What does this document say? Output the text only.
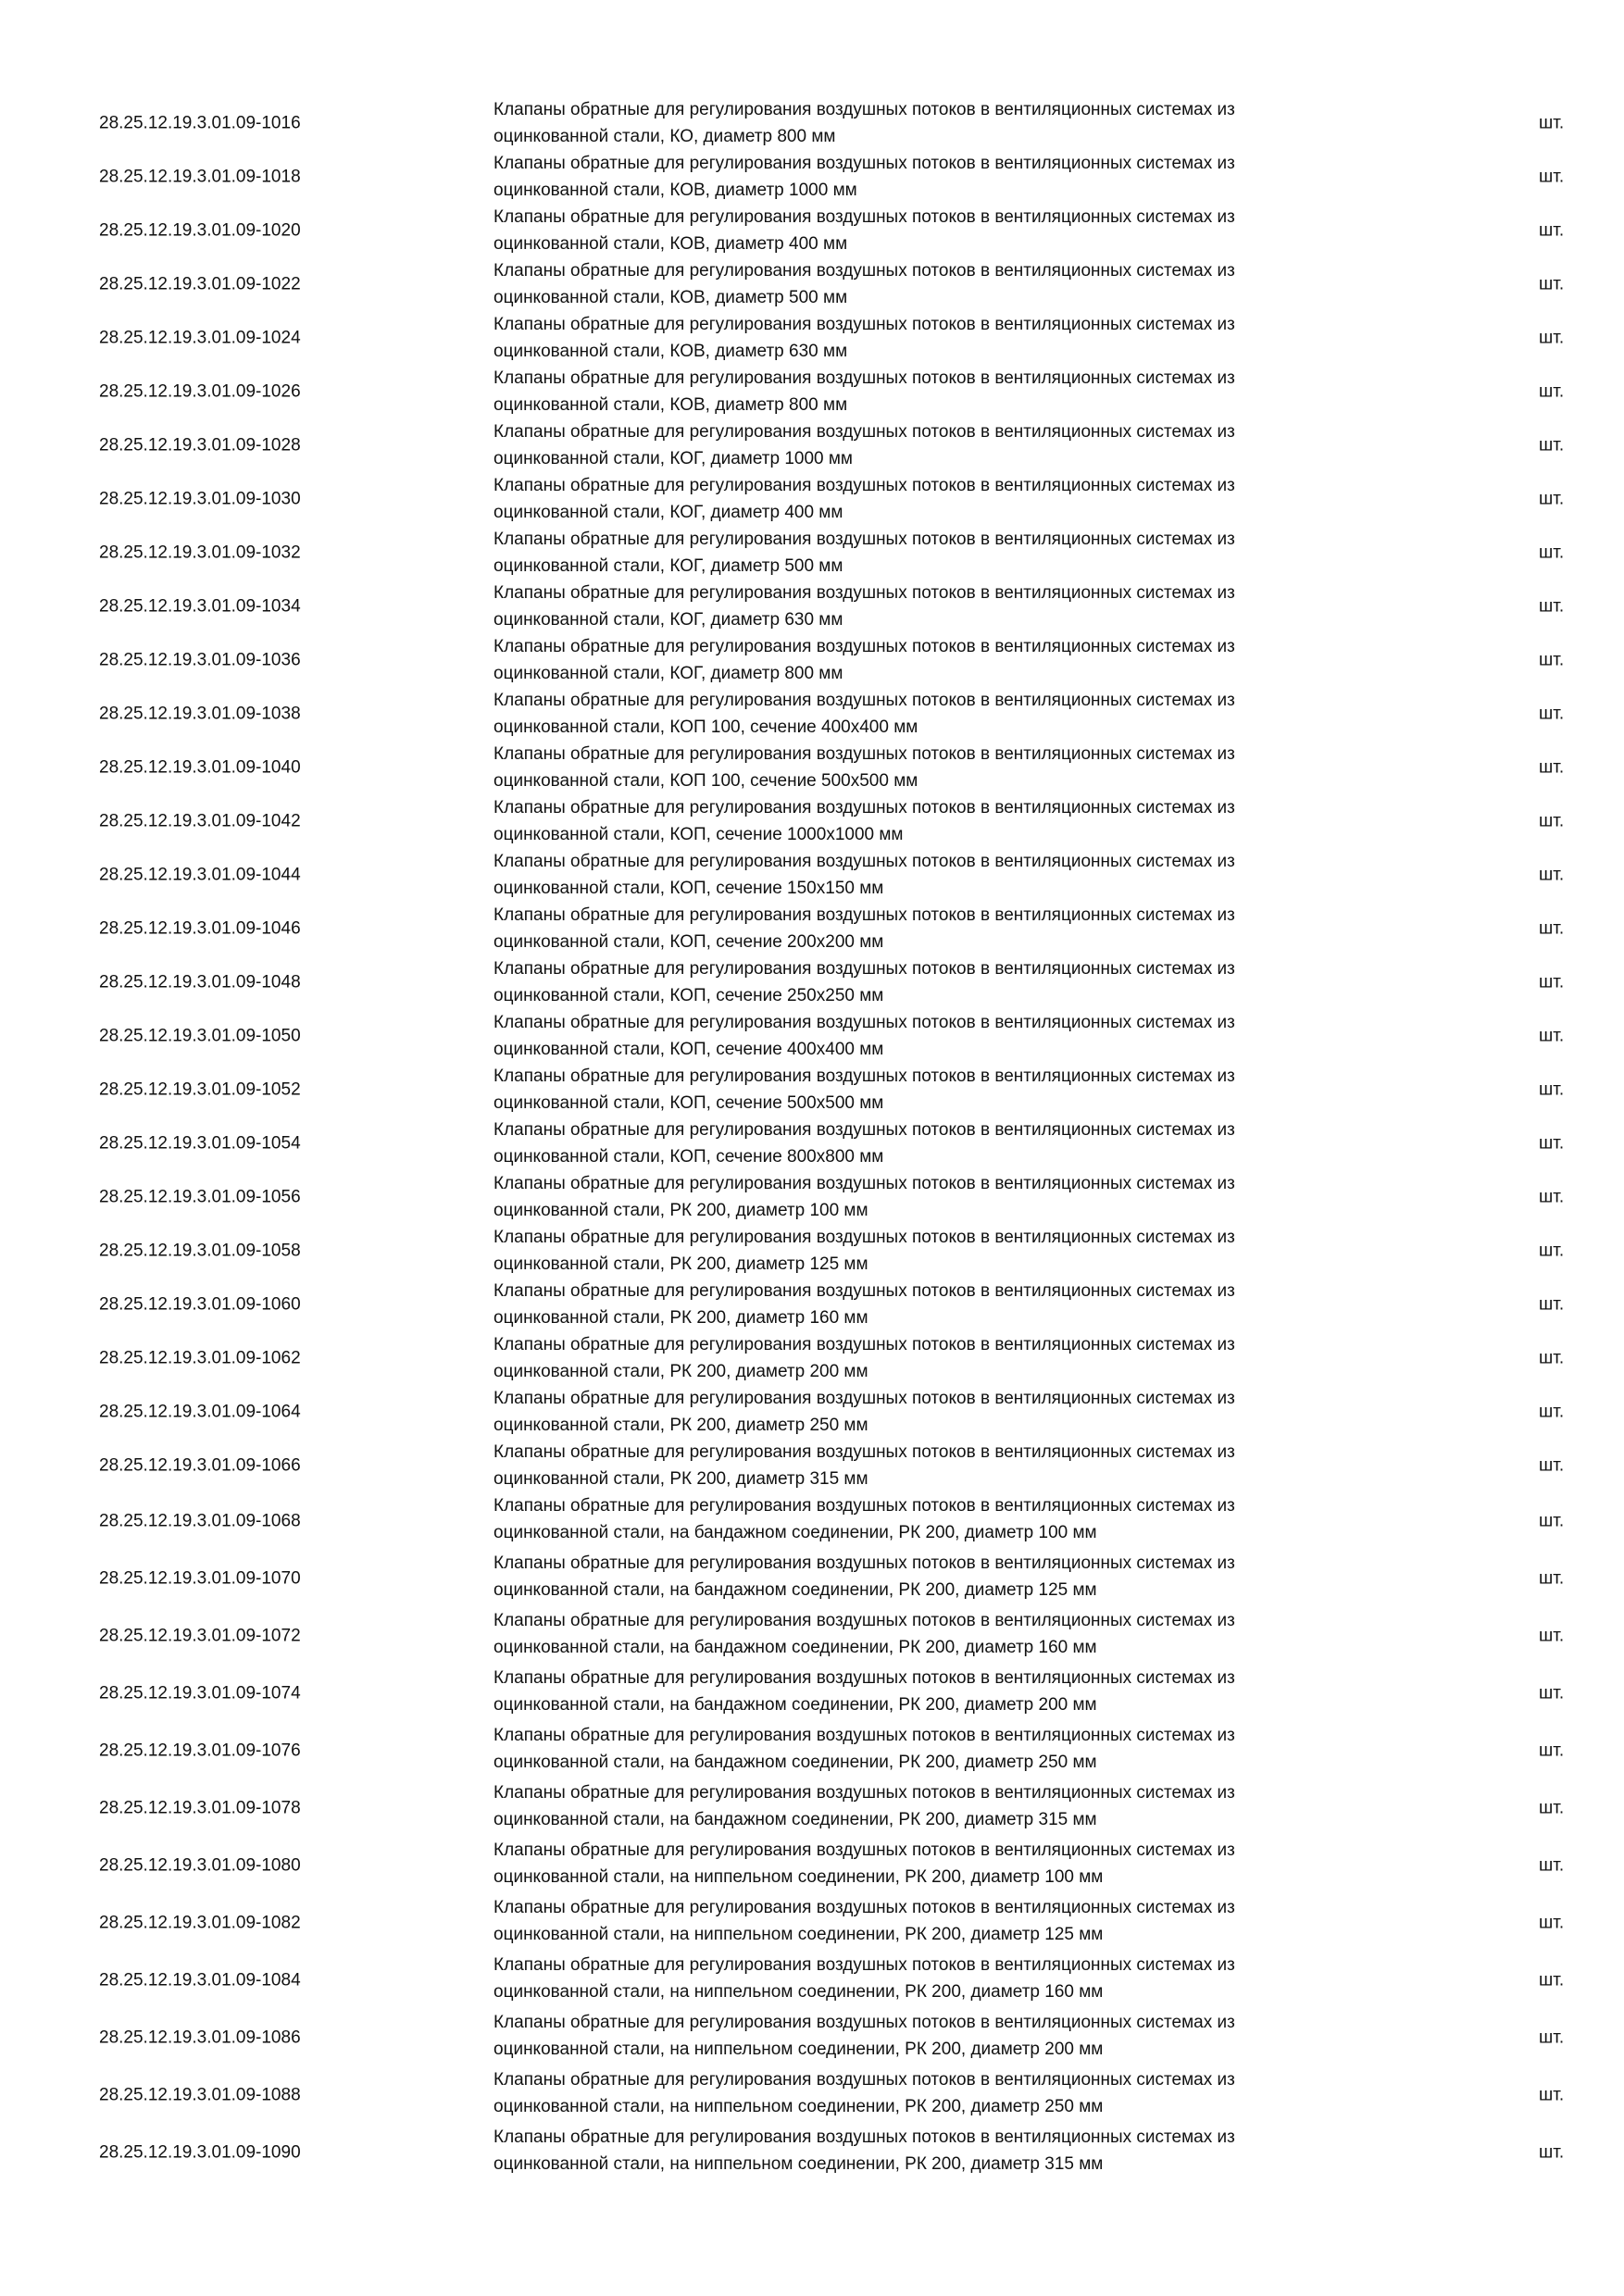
28.25.12.19.3.01.09-1016
Клапаны обратные для регулирования воздушных потоков в вентиляционных системах из
оцинкованной стали, КО, диаметр 800 мм
шт.
28.25.12.19.3.01.09-1018
Клапаны обратные для регулирования воздушных потоков в вентиляционных системах из
оцинкованной стали, КОВ, диаметр 1000 мм
шт.
28.25.12.19.3.01.09-1020
Клапаны обратные для регулирования воздушных потоков в вентиляционных системах из
оцинкованной стали, КОВ, диаметр 400 мм
шт.
28.25.12.19.3.01.09-1022
Клапаны обратные для регулирования воздушных потоков в вентиляционных системах из
оцинкованной стали, КОВ, диаметр 500 мм
шт.
28.25.12.19.3.01.09-1024
Клапаны обратные для регулирования воздушных потоков в вентиляционных системах из
оцинкованной стали, КОВ, диаметр 630 мм
шт.
28.25.12.19.3.01.09-1026
Клапаны обратные для регулирования воздушных потоков в вентиляционных системах из
оцинкованной стали, КОВ, диаметр 800 мм
шт.
28.25.12.19.3.01.09-1028
Клапаны обратные для регулирования воздушных потоков в вентиляционных системах из
оцинкованной стали, КОГ, диаметр 1000 мм
шт.
28.25.12.19.3.01.09-1030
Клапаны обратные для регулирования воздушных потоков в вентиляционных системах из
оцинкованной стали, КОГ, диаметр 400 мм
шт.
28.25.12.19.3.01.09-1032
Клапаны обратные для регулирования воздушных потоков в вентиляционных системах из
оцинкованной стали, КОГ, диаметр 500 мм
шт.
28.25.12.19.3.01.09-1034
Клапаны обратные для регулирования воздушных потоков в вентиляционных системах из
оцинкованной стали, КОГ, диаметр 630 мм
шт.
28.25.12.19.3.01.09-1036
Клапаны обратные для регулирования воздушных потоков в вентиляционных системах из
оцинкованной стали, КОГ, диаметр 800 мм
шт.
28.25.12.19.3.01.09-1038
Клапаны обратные для регулирования воздушных потоков в вентиляционных системах из
оцинкованной стали, КОП 100, сечение 400х400 мм
шт.
28.25.12.19.3.01.09-1040
Клапаны обратные для регулирования воздушных потоков в вентиляционных системах из
оцинкованной стали, КОП 100, сечение 500х500 мм
шт.
28.25.12.19.3.01.09-1042
Клапаны обратные для регулирования воздушных потоков в вентиляционных системах из
оцинкованной стали, КОП, сечение 1000х1000 мм
шт.
28.25.12.19.3.01.09-1044
Клапаны обратные для регулирования воздушных потоков в вентиляционных системах из
оцинкованной стали, КОП, сечение 150х150 мм
шт.
28.25.12.19.3.01.09-1046
Клапаны обратные для регулирования воздушных потоков в вентиляционных системах из
оцинкованной стали, КОП, сечение 200х200 мм
шт.
28.25.12.19.3.01.09-1048
Клапаны обратные для регулирования воздушных потоков в вентиляционных системах из
оцинкованной стали, КОП, сечение 250х250 мм
шт.
28.25.12.19.3.01.09-1050
Клапаны обратные для регулирования воздушных потоков в вентиляционных системах из
оцинкованной стали, КОП, сечение 400х400 мм
шт.
28.25.12.19.3.01.09-1052
Клапаны обратные для регулирования воздушных потоков в вентиляционных системах из
оцинкованной стали, КОП, сечение 500х500 мм
шт.
28.25.12.19.3.01.09-1054
Клапаны обратные для регулирования воздушных потоков в вентиляционных системах из
оцинкованной стали, КОП, сечение 800х800 мм
шт.
28.25.12.19.3.01.09-1056
Клапаны обратные для регулирования воздушных потоков в вентиляционных системах из
оцинкованной стали, РК 200, диаметр 100 мм
шт.
28.25.12.19.3.01.09-1058
Клапаны обратные для регулирования воздушных потоков в вентиляционных системах из
оцинкованной стали, РК 200, диаметр 125 мм
шт.
28.25.12.19.3.01.09-1060
Клапаны обратные для регулирования воздушных потоков в вентиляционных системах из
оцинкованной стали, РК 200, диаметр 160 мм
шт.
28.25.12.19.3.01.09-1062
Клапаны обратные для регулирования воздушных потоков в вентиляционных системах из
оцинкованной стали, РК 200, диаметр 200 мм
шт.
28.25.12.19.3.01.09-1064
Клапаны обратные для регулирования воздушных потоков в вентиляционных системах из
оцинкованной стали, РК 200, диаметр 250 мм
шт.
28.25.12.19.3.01.09-1066
Клапаны обратные для регулирования воздушных потоков в вентиляционных системах из
оцинкованной стали, РК 200, диаметр 315 мм
шт.
28.25.12.19.3.01.09-1068
Клапаны обратные для регулирования воздушных потоков в вентиляционных системах из
оцинкованной стали, на бандажном соединении, РК 200, диаметр 100 мм
шт.
28.25.12.19.3.01.09-1070
Клапаны обратные для регулирования воздушных потоков в вентиляционных системах из
оцинкованной стали, на бандажном соединении, РК 200, диаметр 125 мм
шт.
28.25.12.19.3.01.09-1072
Клапаны обратные для регулирования воздушных потоков в вентиляционных системах из
оцинкованной стали, на бандажном соединении, РК 200, диаметр 160 мм
шт.
28.25.12.19.3.01.09-1074
Клапаны обратные для регулирования воздушных потоков в вентиляционных системах из
оцинкованной стали, на бандажном соединении, РК 200, диаметр 200 мм
шт.
28.25.12.19.3.01.09-1076
Клапаны обратные для регулирования воздушных потоков в вентиляционных системах из
оцинкованной стали, на бандажном соединении, РК 200, диаметр 250 мм
шт.
28.25.12.19.3.01.09-1078
Клапаны обратные для регулирования воздушных потоков в вентиляционных системах из
оцинкованной стали, на бандажном соединении, РК 200, диаметр 315 мм
шт.
28.25.12.19.3.01.09-1080
Клапаны обратные для регулирования воздушных потоков в вентиляционных системах из
оцинкованной стали, на ниппельном соединении, РК 200, диаметр 100 мм
шт.
28.25.12.19.3.01.09-1082
Клапаны обратные для регулирования воздушных потоков в вентиляционных системах из
оцинкованной стали, на ниппельном соединении, РК 200, диаметр 125 мм
шт.
28.25.12.19.3.01.09-1084
Клапаны обратные для регулирования воздушных потоков в вентиляционных системах из
оцинкованной стали, на ниппельном соединении, РК 200, диаметр 160 мм
шт.
28.25.12.19.3.01.09-1086
Клапаны обратные для регулирования воздушных потоков в вентиляционных системах из
оцинкованной стали, на ниппельном соединении, РК 200, диаметр 200 мм
шт.
28.25.12.19.3.01.09-1088
Клапаны обратные для регулирования воздушных потоков в вентиляционных системах из
оцинкованной стали, на ниппельном соединении, РК 200, диаметр 250 мм
шт.
28.25.12.19.3.01.09-1090
Клапаны обратные для регулирования воздушных потоков в вентиляционных системах из
оцинкованной стали, на ниппельном соединении, РК 200, диаметр 315 мм
шт.
